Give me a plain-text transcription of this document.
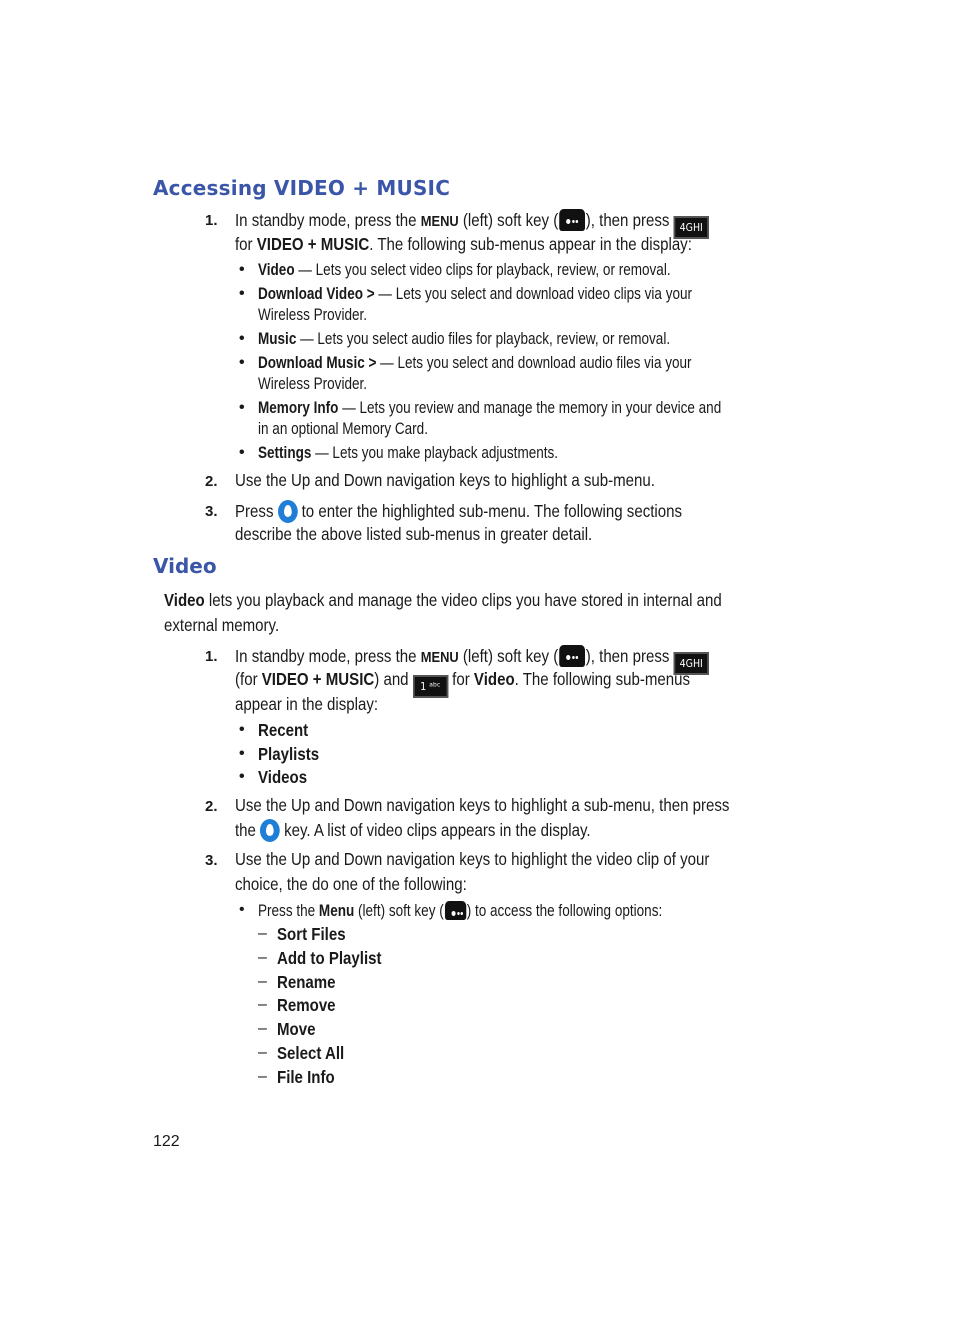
Accessing VIDEO + MUSIC
1. In standby mode, press the MENU (left) soft key ( ), then press 4GHI
for VIDEO + MUSIC. The following sub-menus appear in the display:
• Video — Lets you select video clips for playback, review, or removal.
• Download Video > — Lets you select and download video clips via your
Wireless Provider.
• Music — Lets you select audio files for playback, review, or removal.
• Download Music > — Lets you select and download audio files via your
Wireless Provider.
• Memory Info — Lets you review and manage the memory in your device and
in an optional Memory Card.
• Settings — Lets you make playback adjustments.
2. Use the Up and Down navigation keys to highlight a sub-menu.
3. Press  to enter the highlighted sub-menu. The following sections
describe the above listed sub-menus in greater detail.
Video
Video lets you playback and manage the video clips you have stored in internal and
external memory.
1. In standby mode, press the MENU (left) soft key ( ), then press 4GHI
(for VIDEO + MUSIC) and 1 ᵃᵇᶜ for Video. The following sub-menus
appear in the display:
• Recent
• Playlists
• Videos
2. Use the Up and Down navigation keys to highlight a sub-menu, then press
the  key. A list of video clips appears in the display.
3. Use the Up and Down navigation keys to highlight the video clip of your
choice, the do one of the following:
• Press the Menu (left) soft key ( ) to access the following options:
– Sort Files
– Add to Playlist
– Rename
– Remove
– Move
– Select All
– File Info
122
